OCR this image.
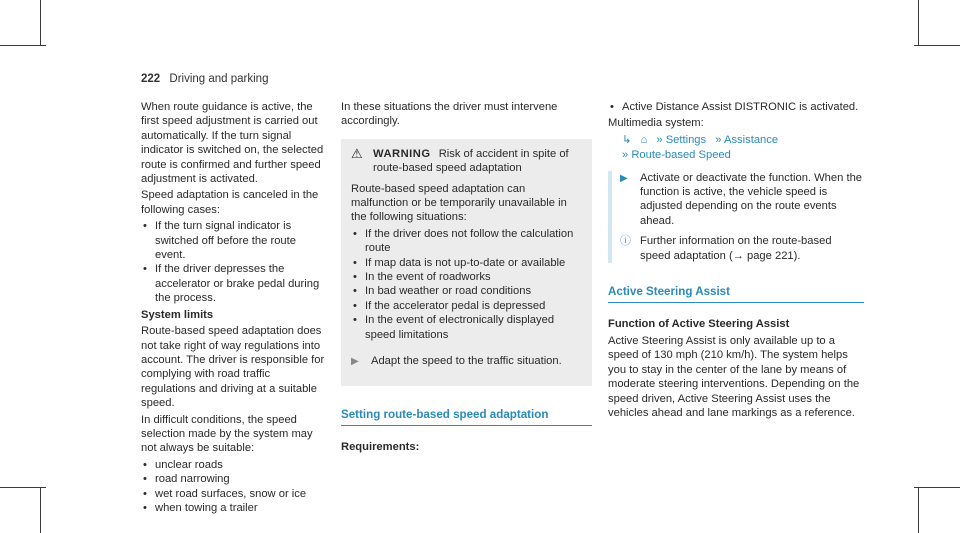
222 Driving and parking

When route guidance is active, the first speed adjustment is carried out automatically. If the turn signal indicator is switched on, the selected route is confirmed and further speed adjustment is activated.

Speed adaptation is canceled in the following cases:

• If the turn signal indicator is switched off before the route event.
• If the driver depresses the accelerator or brake pedal during the process.

System limits

Route-based speed adaptation does not take right of way regulations into account. The driver is responsible for complying with road traffic regulations and driving at a suitable speed.

In difficult conditions, the speed selection made by the system may not always be suitable:

• unclear roads
• road narrowing
• wet road surfaces, snow or ice
• when towing a trailer

In these situations the driver must intervene accordingly.

⚠ WARNING Risk of accident in spite of route-based speed adaptation

Route-based speed adaptation can malfunction or be temporarily unavailable in the following situations:

• If the driver does not follow the calculation route
• If map data is not up-to-date or available
• In the event of roadworks
• In bad weather or road conditions
• If the accelerator pedal is depressed
• In the event of electronically displayed speed limitations
▶	Adapt the speed to the traffic situation.
Setting route-based speed adaptation

Requirements:

• Active Distance Assist DISTRONIC is activated.

Multimedia system:

↳ ⌂ » Settings » Assistance
» Route-based Speed
▶	Activate or deactivate the function. When the function is active, the vehicle speed is adjusted depending on the route events ahead.
ⓘ Further information on the route-based speed adaptation (→ page 221).
Active Steering Assist

Function of Active Steering Assist

Active Steering Assist is only available up to a speed of 130 mph (210 km/h). The system helps you to stay in the center of the lane by means of moderate steering interventions. Depending on the speed driven, Active Steering Assist uses the vehicles ahead and lane markings as a reference.
